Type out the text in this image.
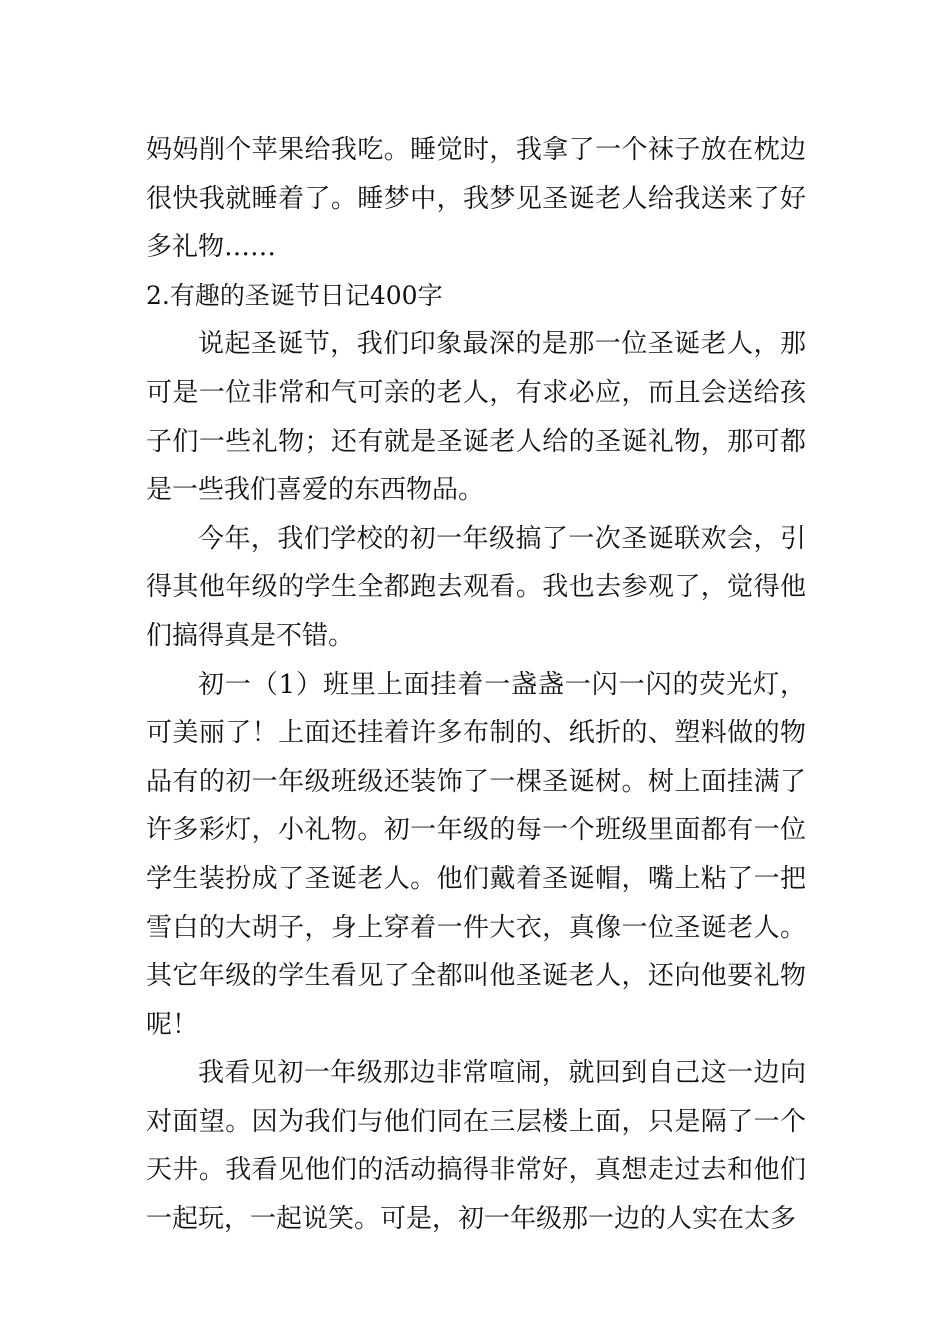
妈妈削个苹果给我吃。睡觉时，我拿了一个袜子放在枕边很快我就睡着了。睡梦中，我梦见圣诞老人给我送来了好多礼物……

2.有趣的圣诞节日记400字

说起圣诞节，我们印象最深的是那一位圣诞老人，那可是一位非常和气可亲的老人，有求必应，而且会送给孩子们一些礼物；还有就是圣诞老人给的圣诞礼物，那可都是一些我们喜爱的东西物品。

今年，我们学校的初一年级搞了一次圣诞联欢会，引得其他年级的学生全都跑去观看。我也去参观了，觉得他们搞得真是不错。

初一（1）班里上面挂着一盏盏一闪一闪的荧光灯，可美丽了！上面还挂着许多布制的、纸折的、塑料做的物品有的初一年级班级还装饰了一棵圣诞树。树上面挂满了许多彩灯，小礼物。初一年级的每一个班级里面都有一位学生装扮成了圣诞老人。他们戴着圣诞帽，嘴上粘了一把雪白的大胡子，身上穿着一件大衣，真像一位圣诞老人。其它年级的学生看见了全都叫他圣诞老人，还向他要礼物呢！

我看见初一年级那边非常喧闹，就回到自己这一边向对面望。因为我们与他们同在三层楼上面，只是隔了一个天井。我看见他们的活动搞得非常好，真想走过去和他们一起玩，一起说笑。可是，初一年级那一边的人实在太多
